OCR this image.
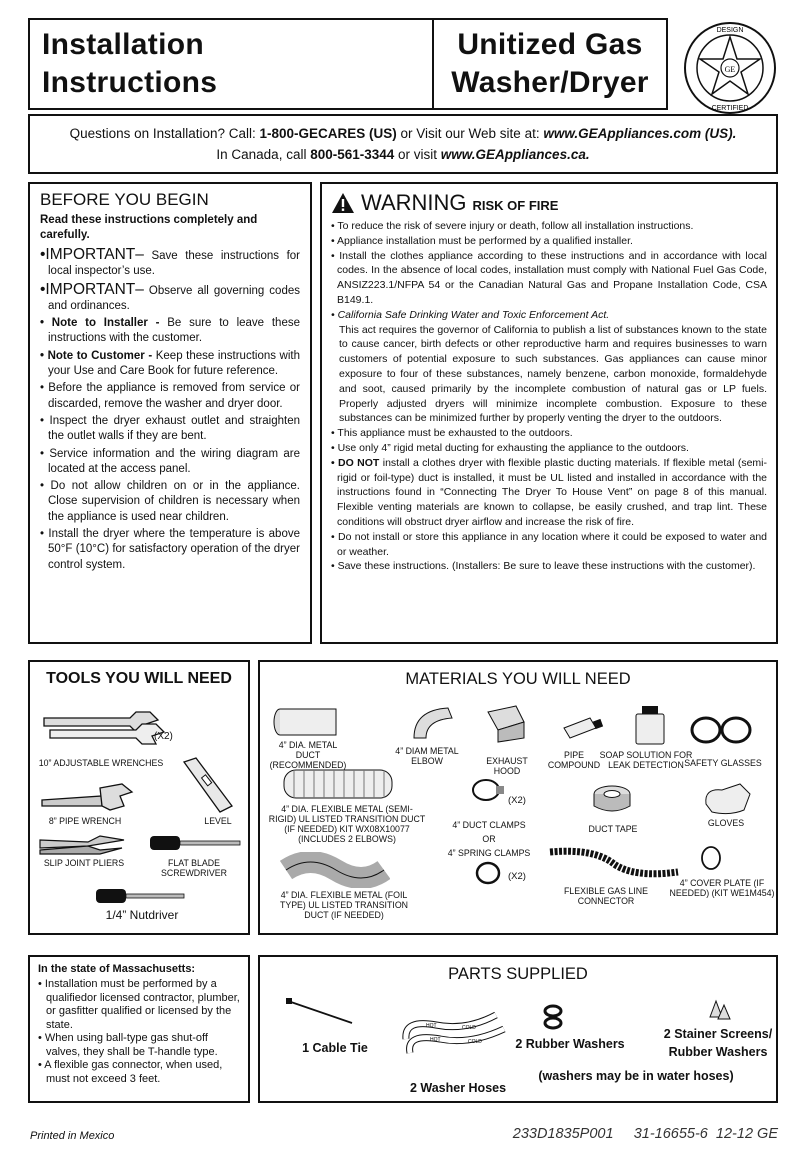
Installation
Instructions
Unitized Gas
Washer/Dryer	GE
DESIGN
CERTIFIED
Questions on Installation? Call: 1-800-GECARES (US) or Visit our Web site at: www.GEAppliances.com (US).
In Canada, call 800-561-3344 or visit www.GEAppliances.ca.
BEFORE YOU BEGIN
Read these instructions completely and carefully.

•IMPORTANT– Save these instructions for local inspector’s use.

•IMPORTANT– Observe all governing codes and ordinances.

• Note to Installer - Be sure to leave these instructions with the customer.

• Note to Customer - Keep these instructions with your Use and Care Book for future reference.

• Before the appliance is removed from service or discarded, remove the washer and dryer door.

• Inspect the dryer exhaust outlet and straighten the outlet walls if they are bent.

• Service information and the wiring diagram are located at the access panel.

• Do not allow children on or in the appliance. Close supervision of children is necessary when the appliance is used near children.

• Install the dryer where the temperature is above 50°F (10°C) for satisfactory operation of the dryer control system.

WARNING RISK OF FIRE

• To reduce the risk of severe injury or death, follow all installation instructions.

• Appliance installation must be performed by a qualified installer.

• Install the clothes appliance according to these instructions and in accordance with local codes. In the absence of local codes, installation must comply with National Fuel Gas Code, ANSIZ223.1/NFPA 54 or the Canadian Natural Gas and Propane Installation Code, CSA B149.1.

• California Safe Drinking Water and Toxic Enforcement Act.

This act requires the governor of California to publish a list of substances known to the state to cause cancer, birth defects or other reproductive harm and requires businesses to warn customers of potential exposure to such substances. Gas appliances can cause minor exposure to four of these substances, namely benzene, carbon monoxide, formaldehyde and soot, caused primarily by the incomplete combustion of natural gas or LP fuels. Properly adjusted dryers will minimize incomplete combustion. Exposure to these substances can be minimized further by properly venting the dryer to the outdoors.

• This appliance must be exhausted to the outdoors.

• Use only 4” rigid metal ducting for exhausting the appliance to the outdoors.

• DO NOT install a clothes dryer with flexible plastic ducting materials. If flexible metal (semi-rigid or foil-type) duct is installed, it must be UL listed and installed in accordance with the instructions found in “Connecting The Dryer To House Vent” on page 8 of this manual. Flexible venting materials are known to collapse, be easily crushed, and trap lint. These conditions will obstruct dryer airflow and increase the risk of fire.

• Do not install or store this appliance in any location where it could be exposed to water and or weather.

• Save these instructions. (Installers: Be sure to leave these instructions with the customer).

TOOLS YOU WILL NEED
(X2)
10” ADJUSTABLE WRENCHES
8” PIPE WRENCH	LEVEL
SLIP JOINT PLIERS	FLAT BLADE SCREWDRIVER
1/4” Nutdriver
MATERIALS YOU WILL NEED
4” DIA. METAL DUCT (RECOMMENDED)
4” DIAM METAL ELBOW	EXHAUST HOOD
PIPE COMPOUND
SOAP SOLUTION FOR LEAK DETECTION SAFETY GLASSES
4” DIA. FLEXIBLE METAL (SEMI-RIGID) UL LISTED TRANSITION DUCT (IF NEEDED) KIT WX08X10077 (INCLUDES 2 ELBOWS)
(X2)
4” DUCT CLAMPS
OR
4” SPRING CLAMPS
(X2)
DUCT TAPE
GLOVES
4” DIA. FLEXIBLE METAL (FOIL TYPE) UL LISTED TRANSITION DUCT (IF NEEDED)
FLEXIBLE GAS LINE CONNECTOR
4” COVER PLATE (IF NEEDED) (KIT WE1M454)
In the state of Massachusetts:

• Installation must be performed by a qualifiedor licensed contractor, plumber, or gasfitter qualified or licensed by the state.

• When using ball-type gas shut-off valves, they shall be T-handle type.

• A flexible gas connector, when used, must not exceed 3 feet.

PARTS SUPPLIED
1 Cable Tie
HOT	COLD
HOT	COLD
2 Washer Hoses
2 Rubber Washers
2 Stainer Screens/ Rubber Washers
(washers may be in water hoses)
Printed in Mexico	233D1835P001     31-16655-6  12-12 GE
